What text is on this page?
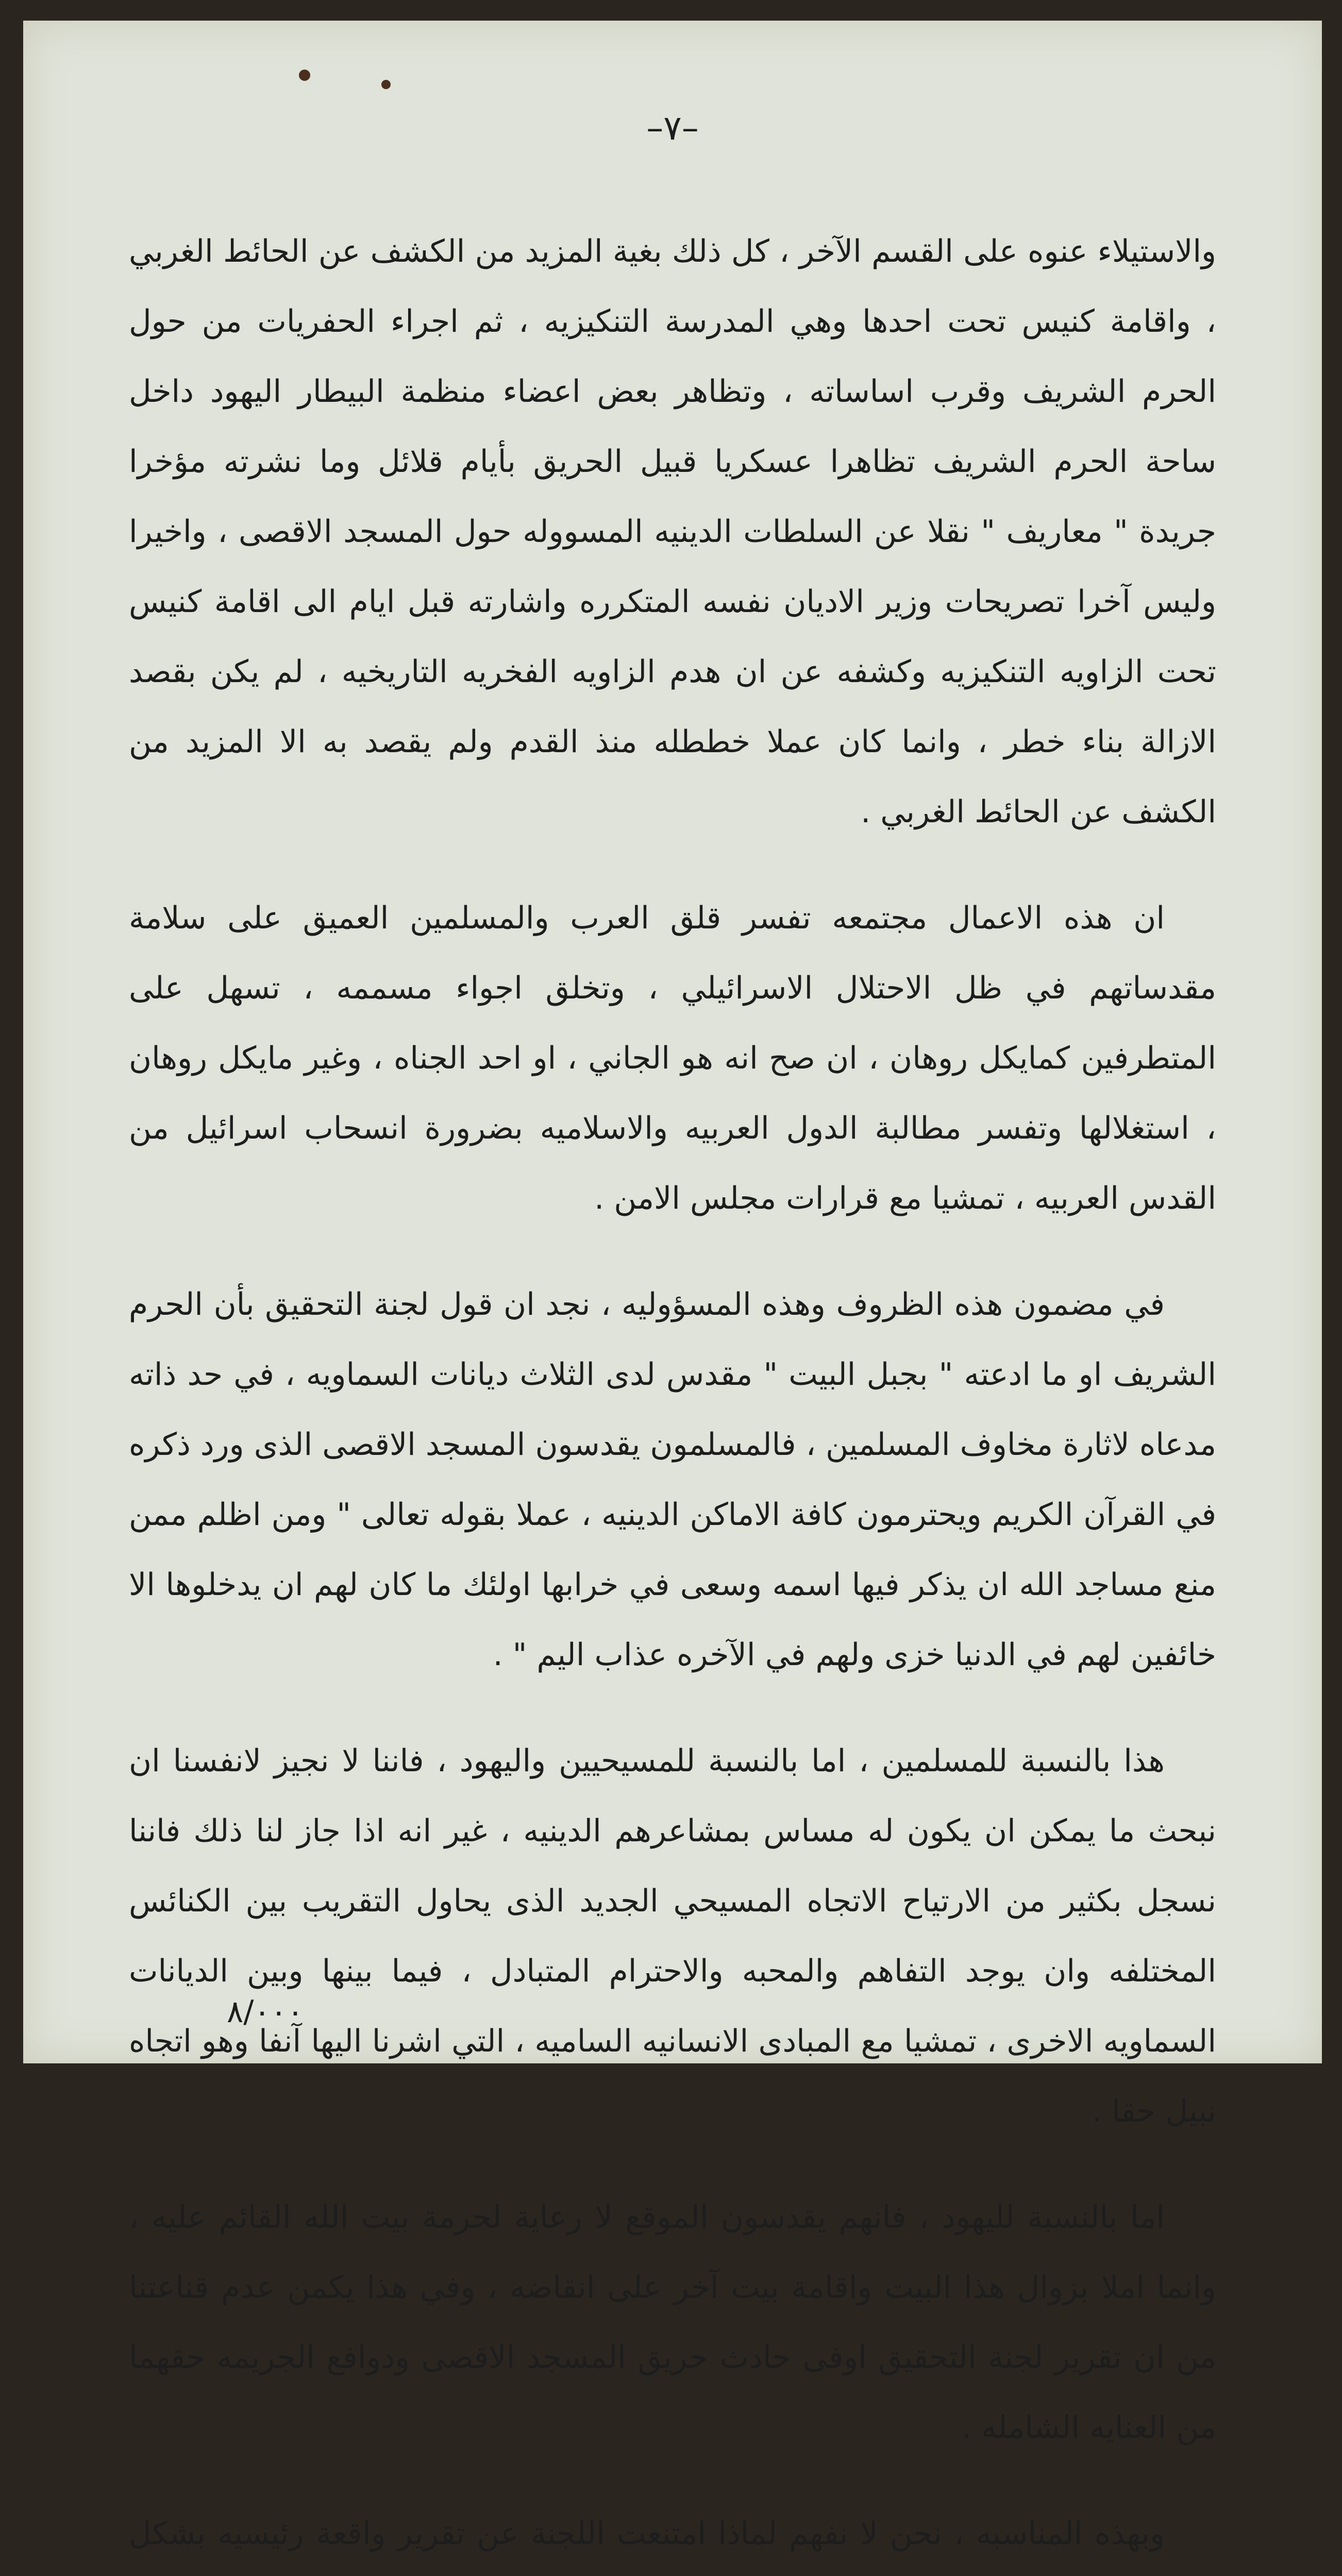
–٧–

والاستيلاء عنوه على القسم الآخر ، كل ذلك بغية المزيد من الكشف عن الحائط الغربي ، واقامة كنيس تحت احدها وهي المدرسة التنكيزيه ، ثم اجراء الحفريات من حول الحرم الشريف وقرب اساساته ، وتظاهر بعض اعضاء منظمة البيطار اليهود داخل ساحة الحرم الشريف تظاهرا عسكريا قبيل الحريق بأيام قلائل وما نشرته مؤخرا جريدة " معاريف " نقلا عن السلطات الدينيه المسووله حول المسجد الاقصى ، واخيرا وليس آخرا تصريحات وزير الاديان نفسه المتكرره واشارته قبل ايام الى اقامة كنيس تحت الزاويه التنكيزيه وكشفه عن ان هدم الزاويه الفخريه التاريخيه ، لم يكن بقصد الازالة بناء خطر ، وانما كان عملا خططله منذ القدم ولم يقصد به الا المزيد من الكشف عن الحائط الغربي .

ان هذه الاعمال مجتمعه تفسر قلق العرب والمسلمين العميق على سلامة مقدساتهم في ظل الاحتلال الاسرائيلي ، وتخلق اجواء مسممه ، تسهل على المتطرفين كمايكل روهان ، ان صح انه هو الجاني ، او احد الجناه ، وغير مايكل روهان ، استغلالها وتفسر مطالبة الدول العربيه والاسلاميه بضرورة انسحاب اسرائيل من القدس العربيه ، تمشيا مع قرارات مجلس الامن .

في مضمون هذه الظروف وهذه المسؤوليه ، نجد ان قول لجنة التحقيق بأن الحرم الشريف او ما ادعته " بجبل البيت " مقدس لدى الثلاث ديانات السماويه ، في حد ذاته مدعاه لاثارة مخاوف المسلمين ، فالمسلمون يقدسون المسجد الاقصى الذى ورد ذكره في القرآن الكريم ويحترمون كافة الاماكن الدينيه ، عملا بقوله تعالى " ومن اظلم ممن منع مساجد الله ان يذكر فيها اسمه وسعى في خرابها اولئك ما كان لهم ان يدخلوها الا خائفين لهم في الدنيا خزى ولهم في الآخره عذاب اليم " .

هذا بالنسبة للمسلمين ، اما بالنسبة للمسيحيين واليهود ، فاننا لا نجيز لانفسنا ان نبحث ما يمكن ان يكون له مساس بمشاعرهم الدينيه ، غير انه اذا جاز لنا ذلك فاننا نسجل بكثير من الارتياح الاتجاه المسيحي الجديد الذى يحاول التقريب بين الكنائس المختلفه وان يوجد التفاهم والمحبه والاحترام المتبادل ، فيما بينها وبين الديانات السماويه الاخرى ، تمشيا مع المبادى الانسانيه الساميه ، التي اشرنا اليها آنفا وهو اتجاه نبيل حقا .

اما بالنسبة لليهود ، فانهم يقدسون الموقع لا رعاية لحرمة بيت الله القائم عليه ، وانما املا بزوال هذا البيت واقامة بيت آخر على انقاضه ، وفي هذا يكمن عدم قناعتنا من ان تقرير لجنة التحقيق اوفى حادث حريق المسجد الاقصى ودوافع الجريمه حقهما من العنايه الشامله .

وبهذه المناسبه ، نحن لا نفهم لماذا امتنعت اللجنة عن تقرير واقعة رئيسيه بشكل

٨/٠٠٠
